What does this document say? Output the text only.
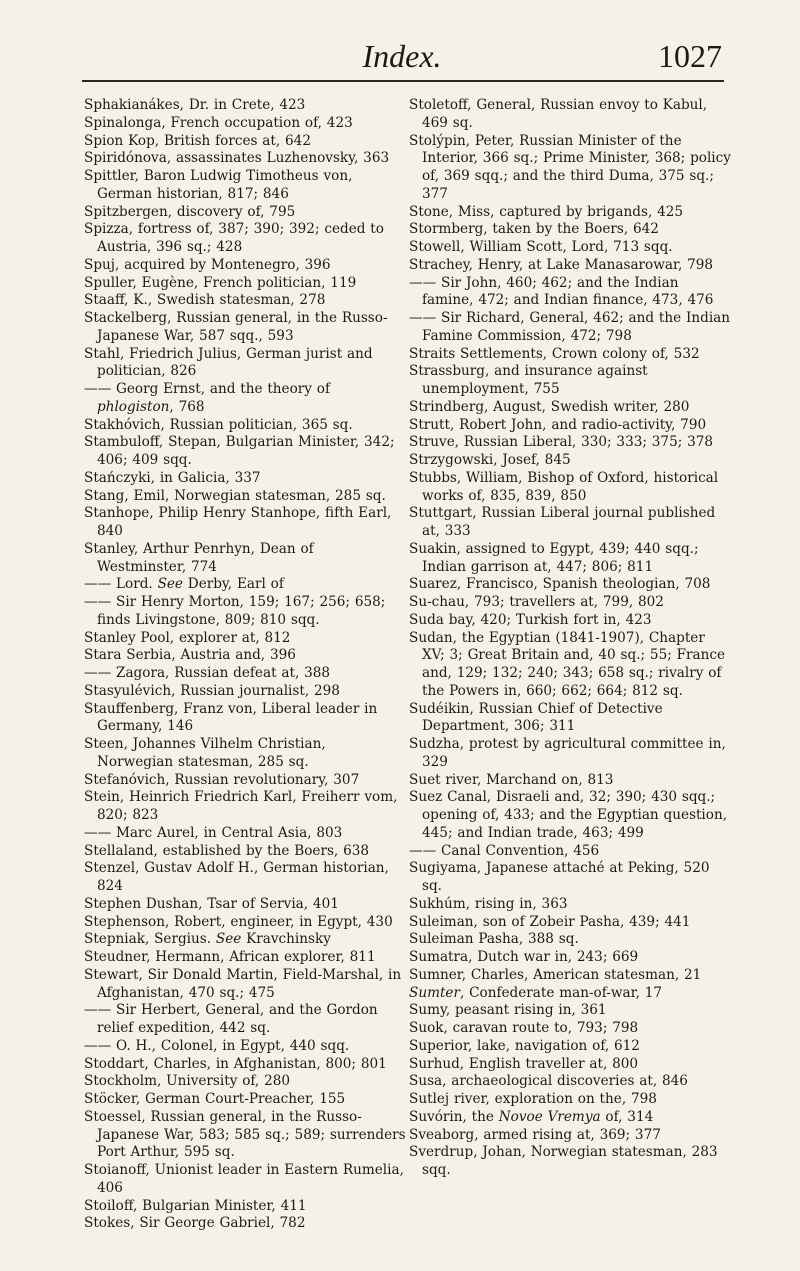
Index.	1027
Sphakianákes, Dr. in Crete, 423
Spinalonga, French occupation of, 423
Spion Kop, British forces at, 642
Spiridónova, assassinates Luzhenovsky, 363
Spittler, Baron Ludwig Timotheus von, German historian, 817; 846
Spitzbergen, discovery of, 795
Spizza, fortress of, 387; 390; 392; ceded to Austria, 396 sq.; 428
Spuj, acquired by Montenegro, 396
Spuller, Eugène, French politician, 119
Staaff, K., Swedish statesman, 278
Stackelberg, Russian general, in the Russo-Japanese War, 587 sqq., 593
Stahl, Friedrich Julius, German jurist and politician, 826
—— Georg Ernst, and the theory of phlogiston, 768
Stakhóvich, Russian politician, 365 sq.
Stambuloff, Stepan, Bulgarian Minister, 342; 406; 409 sqq.
Stańczyki, in Galicia, 337
Stang, Emil, Norwegian statesman, 285 sq.
Stanhope, Philip Henry Stanhope, fifth Earl, 840
Stanley, Arthur Penrhyn, Dean of Westminster, 774
—— Lord. See Derby, Earl of
—— Sir Henry Morton, 159; 167; 256; 658; finds Livingstone, 809; 810 sqq.
Stanley Pool, explorer at, 812
Stara Serbia, Austria and, 396
—— Zagora, Russian defeat at, 388
Stasyulévich, Russian journalist, 298
Stauffenberg, Franz von, Liberal leader in Germany, 146
Steen, Johannes Vilhelm Christian, Norwegian statesman, 285 sq.
Stefanóvich, Russian revolutionary, 307
Stein, Heinrich Friedrich Karl, Freiherr vom, 820; 823
—— Marc Aurel, in Central Asia, 803
Stellaland, established by the Boers, 638
Stenzel, Gustav Adolf H., German historian, 824
Stephen Dushan, Tsar of Servia, 401
Stephenson, Robert, engineer, in Egypt, 430
Stepniak, Sergius. See Kravchinsky
Steudner, Hermann, African explorer, 811
Stewart, Sir Donald Martin, Field-Marshal, in Afghanistan, 470 sq.; 475
—— Sir Herbert, General, and the Gordon relief expedition, 442 sq.
—— O. H., Colonel, in Egypt, 440 sqq.
Stoddart, Charles, in Afghanistan, 800; 801
Stockholm, University of, 280
Stöcker, German Court-Preacher, 155
Stoessel, Russian general, in the Russo-Japanese War, 583; 585 sq.; 589; surrenders Port Arthur, 595 sq.
Stoianoff, Unionist leader in Eastern Rumelia, 406
Stoiloff, Bulgarian Minister, 411
Stokes, Sir George Gabriel, 782
Stoletoff, General, Russian envoy to Kabul, 469 sq.
Stolýpin, Peter, Russian Minister of the Interior, 366 sq.; Prime Minister, 368; policy of, 369 sqq.; and the third Duma, 375 sq.; 377
Stone, Miss, captured by brigands, 425
Stormberg, taken by the Boers, 642
Stowell, William Scott, Lord, 713 sqq.
Strachey, Henry, at Lake Manasarowar, 798
—— Sir John, 460; 462; and the Indian famine, 472; and Indian finance, 473, 476
—— Sir Richard, General, 462; and the Indian Famine Commission, 472; 798
Straits Settlements, Crown colony of, 532
Strassburg, and insurance against unemployment, 755
Strindberg, August, Swedish writer, 280
Strutt, Robert John, and radio-activity, 790
Struve, Russian Liberal, 330; 333; 375; 378
Strzygowski, Josef, 845
Stubbs, William, Bishop of Oxford, historical works of, 835, 839, 850
Stuttgart, Russian Liberal journal published at, 333
Suakin, assigned to Egypt, 439; 440 sqq.; Indian garrison at, 447; 806; 811
Suarez, Francisco, Spanish theologian, 708
Su-chau, 793; travellers at, 799, 802
Suda bay, 420; Turkish fort in, 423
Sudan, the Egyptian (1841-1907), Chapter XV; 3; Great Britain and, 40 sq.; 55; France and, 129; 132; 240; 343; 658 sq.; rivalry of the Powers in, 660; 662; 664; 812 sq.
Sudéikin, Russian Chief of Detective Department, 306; 311
Sudzha, protest by agricultural committee in, 329
Suet river, Marchand on, 813
Suez Canal, Disraeli and, 32; 390; 430 sqq.; opening of, 433; and the Egyptian question, 445; and Indian trade, 463; 499
—— Canal Convention, 456
Sugiyama, Japanese attaché at Peking, 520 sq.
Sukhúm, rising in, 363
Suleiman, son of Zobeir Pasha, 439; 441
Suleiman Pasha, 388 sq.
Sumatra, Dutch war in, 243; 669
Sumner, Charles, American statesman, 21
Sumter, Confederate man-of-war, 17
Sumy, peasant rising in, 361
Suok, caravan route to, 793; 798
Superior, lake, navigation of, 612
Surhud, English traveller at, 800
Susa, archaeological discoveries at, 846
Sutlej river, exploration on the, 798
Suvórin, the Novoe Vremya of, 314
Sveaborg, armed rising at, 369; 377
Sverdrup, Johan, Norwegian statesman, 283 sqq.
